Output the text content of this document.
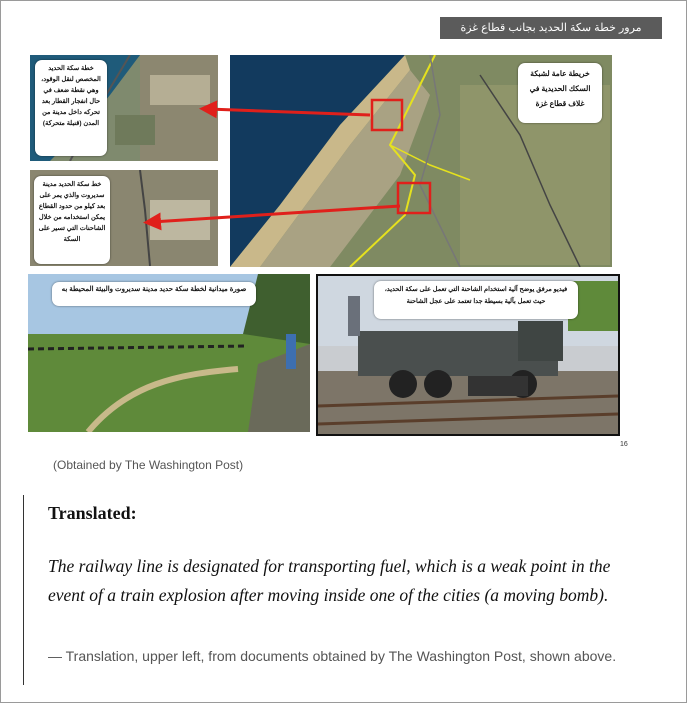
مرور خطة سكة الحديد بجانب قطاع غزة
خطة سكة الحديد المخصص لنقل الوقود، وهي نقطة ضعف في حال انفجار القطار بعد تحركه داخل مدينة من المدن (قنبلة متحركة)
خط سكة الحديد مدينة سديروت والذي يمر على بعد كيلو من حدود القطاع يمكن استخدامه من خلال الشاحنات التي تسير على السكة
خريطة عامة لشبكة السكك الحديدية في غلاف قطاع غزة
صورة ميدانية لخطة سكة حديد مدينة سديروت والبيئة المحيطة به	فيديو مرفق يوضح آلية استخدام الشاحنة التي تعمل على سكة الحديد، حيث تعمل بآلية بسيطة جدا تعتمد على عجل الشاحنة
16
(Obtained by The Washington Post)
Translated:
The railway line is designated for transporting fuel, which is a weak point in the event of a train explosion after moving inside one of the cities (a moving bomb).
— Translation, upper left, from documents obtained by The Washington Post, shown above.
